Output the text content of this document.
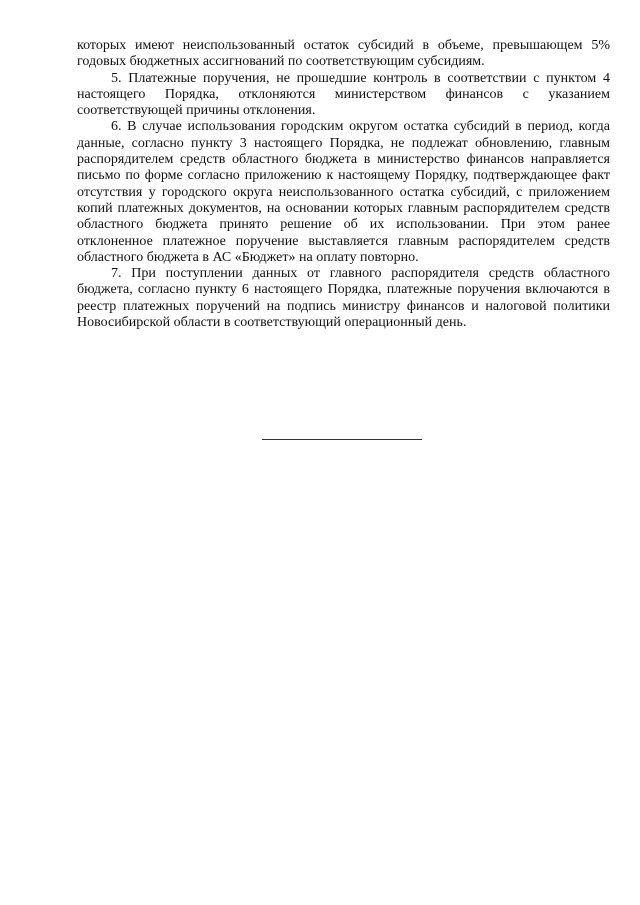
которых имеют неиспользованный остаток субсидий в объеме, превышающем 5% годовых бюджетных ассигнований по соответствующим субсидиям.

5. Платежные поручения, не прошедшие контроль в соответствии с пунктом 4 настоящего Порядка, отклоняются министерством финансов с указанием соответствующей причины отклонения.

6. В случае использования городским округом остатка субсидий в период, когда данные, согласно пункту 3 настоящего Порядка, не подлежат обновлению, главным распорядителем средств областного бюджета в министерство финансов направляется письмо по форме согласно приложению к настоящему Порядку, подтверждающее факт отсутствия у городского округа неиспользованного остатка субсидий, с приложением копий платежных документов, на основании которых главным распорядителем средств областного бюджета принято решение об их использовании. При этом ранее отклоненное платежное поручение выставляется главным распорядителем средств областного бюджета в АС «Бюджет» на оплату повторно.

7. При поступлении данных от главного распорядителя средств областного бюджета, согласно пункту 6 настоящего Порядка, платежные поручения включаются в реестр платежных поручений на подпись министру финансов и налоговой политики Новосибирской области в соответствующий операционный день.
